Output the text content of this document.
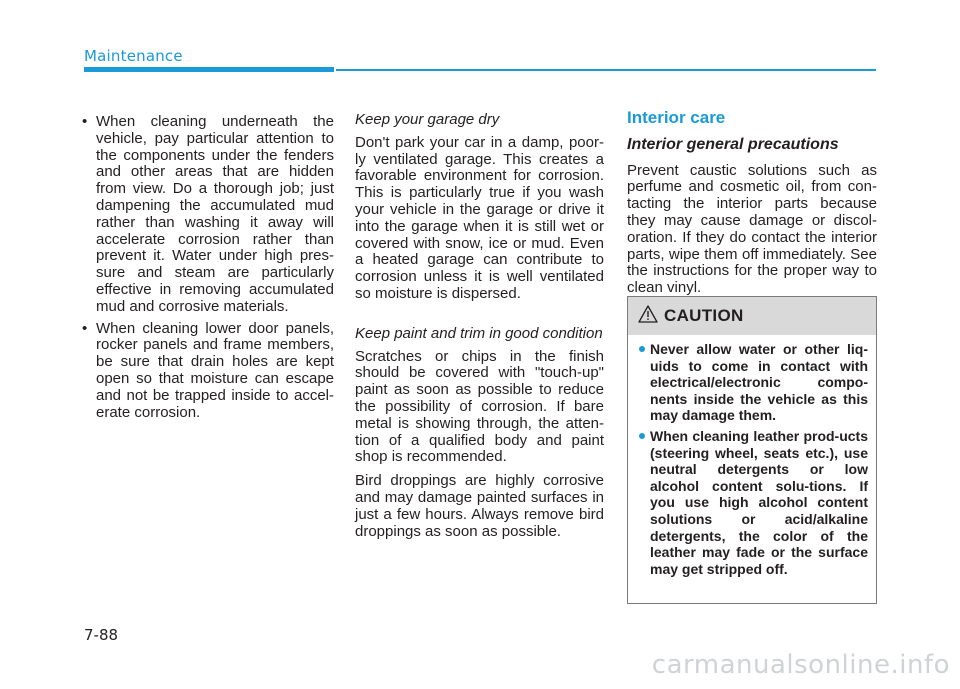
Maintenance
• When cleaning underneath the vehicle, pay particular attention to the components under the fenders and other areas that are hidden from view. Do a thorough job; just dampening the accumulated mud rather than washing it away will accelerate corrosion rather than prevent it. Water under high pres-sure and steam are particularly effective in removing accumulated mud and corrosive materials.
• When cleaning lower door panels, rocker panels and frame members, be sure that drain holes are kept open so that moisture can escape and not be trapped inside to accel-erate corrosion.
Keep your garage dry

Don't park your car in a damp, poor-ly ventilated garage. This creates a favorable environment for corrosion. This is particularly true if you wash your vehicle in the garage or drive it into the garage when it is still wet or covered with snow, ice or mud. Even a heated garage can contribute to corrosion unless it is well ventilated so moisture is dispersed.

Keep paint and trim in good condition

Scratches or chips in the finish should be covered with "touch-up" paint as soon as possible to reduce the possibility of corrosion. If bare metal is showing through, the atten-tion of a qualified body and paint shop is recommended.

Bird droppings are highly corrosive and may damage painted surfaces in just a few hours. Always remove bird droppings as soon as possible.

Interior care
Interior general precautions

Prevent caustic solutions such as perfume and cosmetic oil, from con-tacting the interior parts because they may cause damage or discol-oration. If they do contact the interior parts, wipe them off immediately. See the instructions for the proper way to clean vinyl.

CAUTION
Never allow water or other liq-uids to come in contact with electrical/electronic compo-nents inside the vehicle as this may damage them.
When cleaning leather prod-ucts (steering wheel, seats etc.), use neutral detergents or low alcohol content solu-tions. If you use high alcohol content solutions or acid/alkaline detergents, the color of the leather may fade or the surface may get stripped off.
7-88
carmanualsonline.info
